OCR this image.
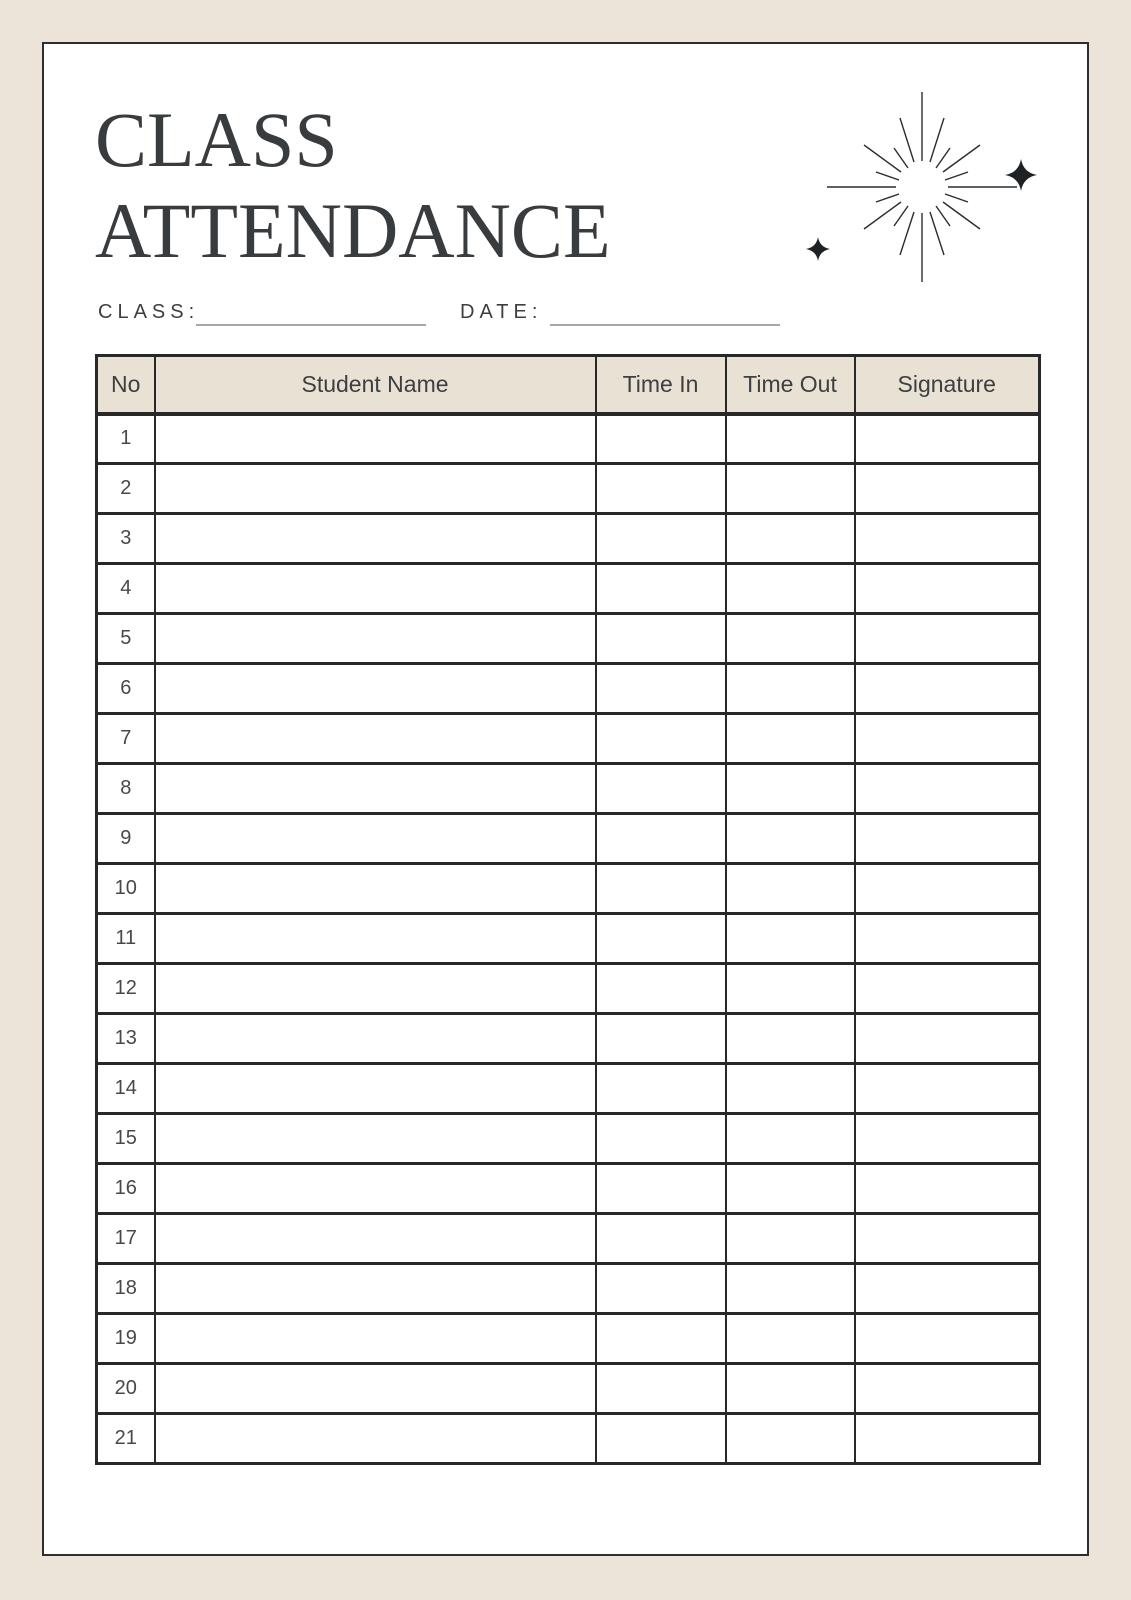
CLASS
ATTENDANCE
CLASS:	DATE:
No	Student Name	Time In	Time Out	Signature
1				
2				
3				
4				
5				
6				
7				
8				
9				
10				
11				
12				
13				
14				
15				
16				
17				
18				
19				
20				
21				
